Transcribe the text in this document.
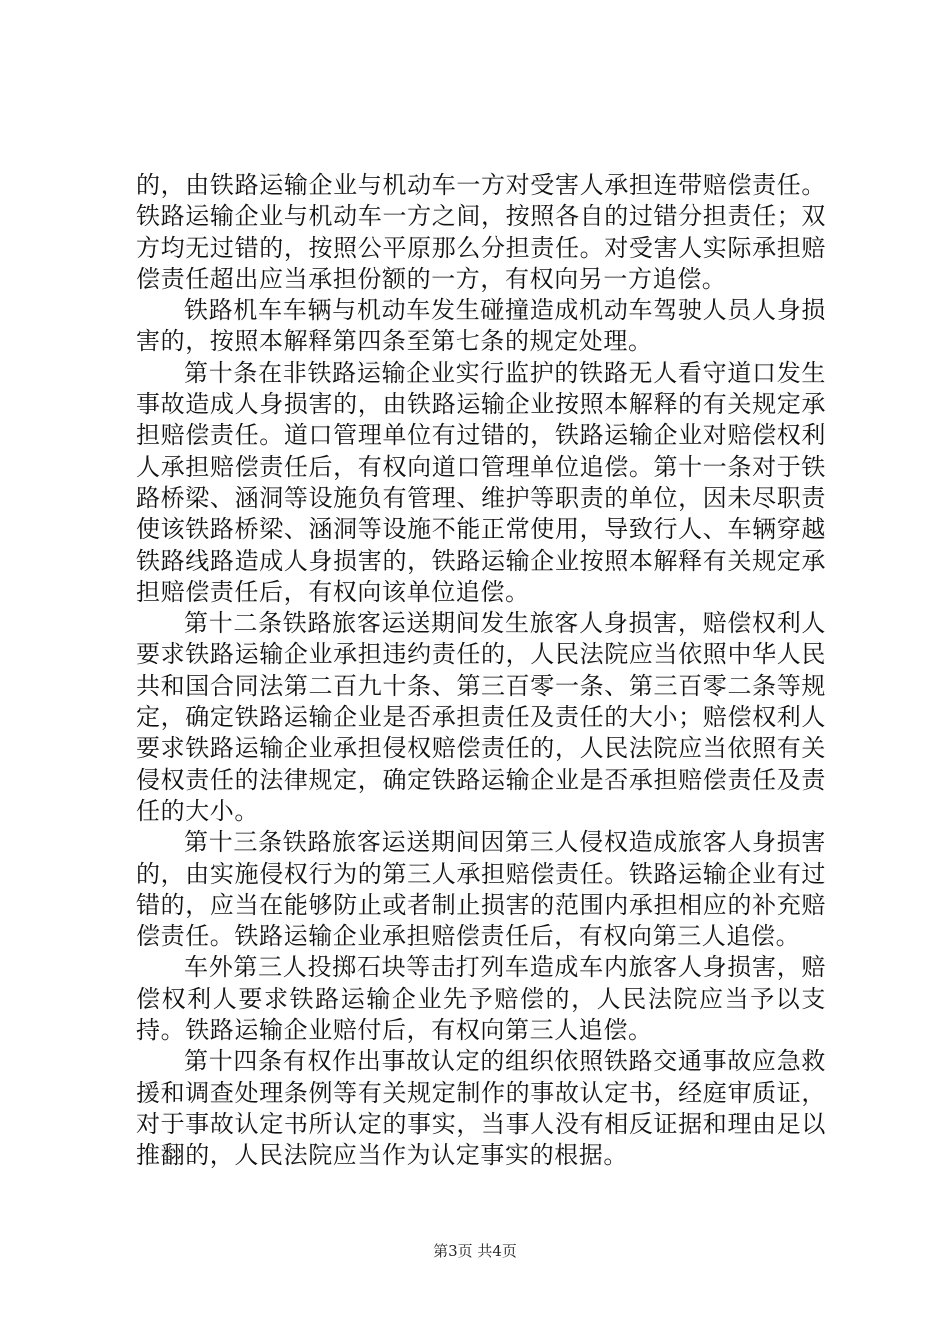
的，由铁路运输企业与机动车一方对受害人承担连带赔偿责任。铁路运输企业与机动车一方之间，按照各自的过错分担责任；双方均无过错的，按照公平原那么分担责任。对受害人实际承担赔偿责任超出应当承担份额的一方，有权向另一方追偿。

铁路机车车辆与机动车发生碰撞造成机动车驾驶人员人身损害的，按照本解释第四条至第七条的规定处理。

第十条在非铁路运输企业实行监护的铁路无人看守道口发生事故造成人身损害的，由铁路运输企业按照本解释的有关规定承担赔偿责任。道口管理单位有过错的，铁路运输企业对赔偿权利人承担赔偿责任后，有权向道口管理单位追偿。第十一条对于铁路桥梁、涵洞等设施负有管理、维护等职责的单位，因未尽职责使该铁路桥梁、涵洞等设施不能正常使用，导致行人、车辆穿越铁路线路造成人身损害的，铁路运输企业按照本解释有关规定承担赔偿责任后，有权向该单位追偿。

第十二条铁路旅客运送期间发生旅客人身损害，赔偿权利人要求铁路运输企业承担违约责任的，人民法院应当依照中华人民共和国合同法第二百九十条、第三百零一条、第三百零二条等规定，确定铁路运输企业是否承担责任及责任的大小；赔偿权利人要求铁路运输企业承担侵权赔偿责任的，人民法院应当依照有关侵权责任的法律规定，确定铁路运输企业是否承担赔偿责任及责任的大小。

第十三条铁路旅客运送期间因第三人侵权造成旅客人身损害的，由实施侵权行为的第三人承担赔偿责任。铁路运输企业有过错的，应当在能够防止或者制止损害的范围内承担相应的补充赔偿责任。铁路运输企业承担赔偿责任后，有权向第三人追偿。

车外第三人投掷石块等击打列车造成车内旅客人身损害，赔偿权利人要求铁路运输企业先予赔偿的，人民法院应当予以支持。铁路运输企业赔付后，有权向第三人追偿。

第十四条有权作出事故认定的组织依照铁路交通事故应急救援和调查处理条例等有关规定制作的事故认定书，经庭审质证，对于事故认定书所认定的事实，当事人没有相反证据和理由足以推翻的，人民法院应当作为认定事实的根据。

第3页 共4页
